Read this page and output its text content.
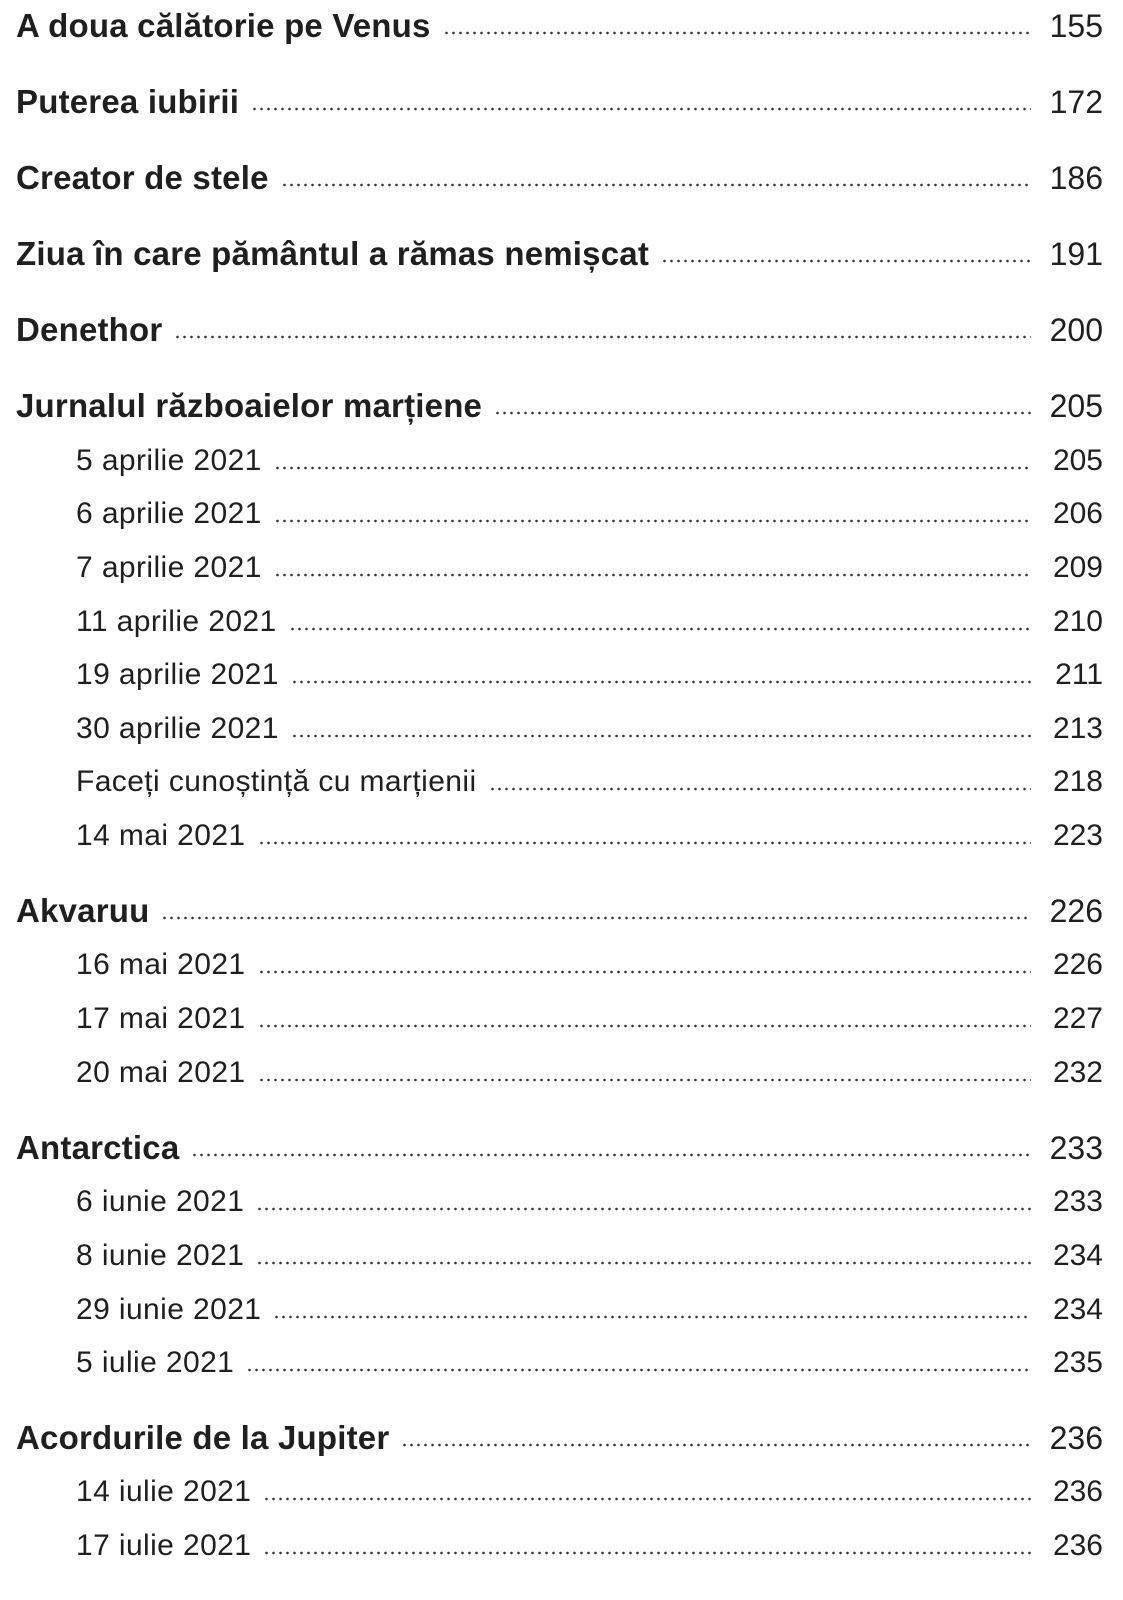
A doua călătorie pe Venus	155
Puterea iubirii	172
Creator de stele	186
Ziua în care pământul a rămas nemișcat	191
Denethor	200
Jurnalul războaielor marțiene	205
5 aprilie 2021	205
6 aprilie 2021	206
7 aprilie 2021	209
11 aprilie 2021	210
19 aprilie 2021	211
30 aprilie 2021	213
Faceți cunoștință cu marțienii	218
14 mai 2021	223
Akvaruu	226
16 mai 2021	226
17 mai 2021	227
20 mai 2021	232
Antarctica	233
6 iunie 2021	233
8 iunie 2021	234
29 iunie 2021	234
5 iulie 2021	235
Acordurile de la Jupiter	236
14 iulie 2021	236
17 iulie 2021	236
